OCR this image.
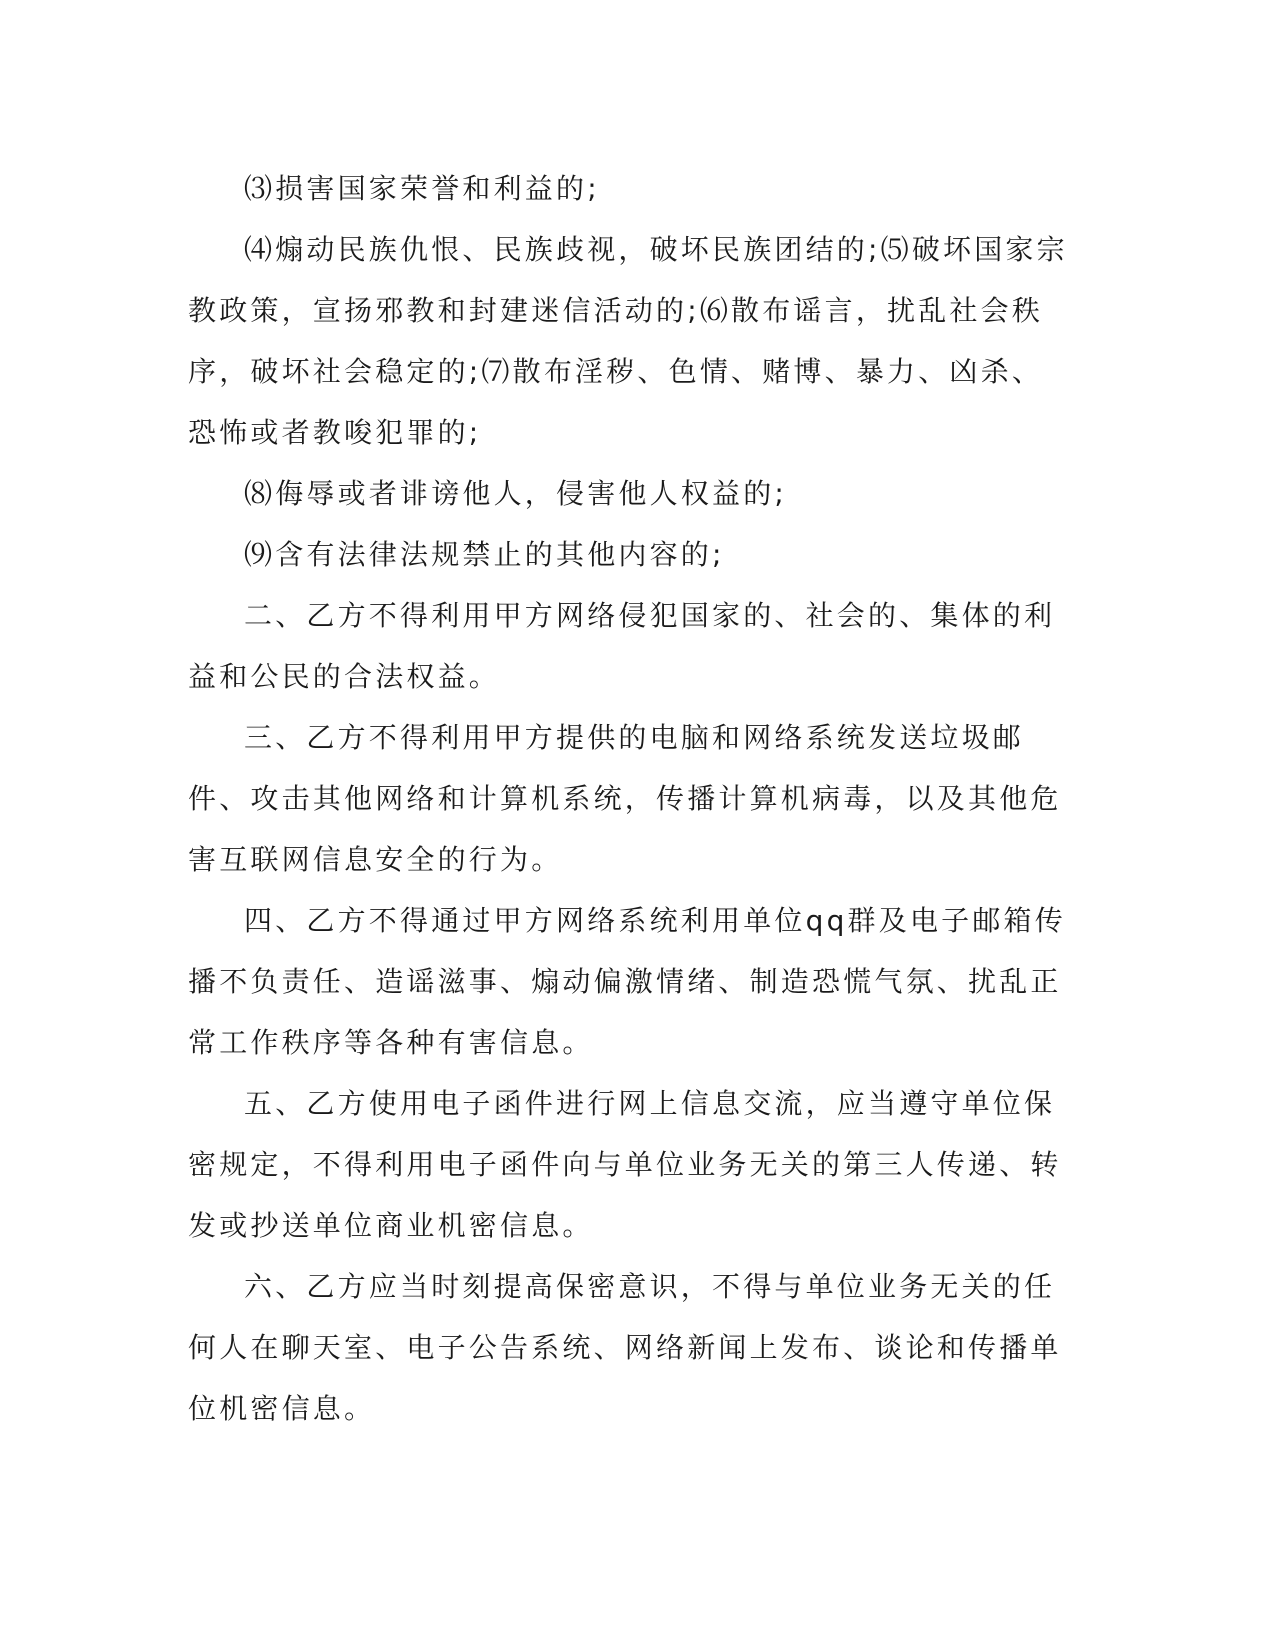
⑶损害国家荣誉和利益的;

⑷煽动民族仇恨、民族歧视，破坏民族团结的;⑸破坏国家宗教政策，宣扬邪教和封建迷信活动的;⑹散布谣言，扰乱社会秩序，破坏社会稳定的;⑺散布淫秽、色情、赌博、暴力、凶杀、恐怖或者教唆犯罪的;

⑻侮辱或者诽谤他人，侵害他人权益的;

⑼含有法律法规禁止的其他内容的;

二、乙方不得利用甲方网络侵犯国家的、社会的、集体的利益和公民的合法权益。

三、乙方不得利用甲方提供的电脑和网络系统发送垃圾邮件、攻击其他网络和计算机系统，传播计算机病毒，以及其他危害互联网信息安全的行为。

四、乙方不得通过甲方网络系统利用单位qq群及电子邮箱传播不负责任、造谣滋事、煽动偏激情绪、制造恐慌气氛、扰乱正常工作秩序等各种有害信息。

五、乙方使用电子函件进行网上信息交流，应当遵守单位保密规定，不得利用电子函件向与单位业务无关的第三人传递、转发或抄送单位商业机密信息。

六、乙方应当时刻提高保密意识，不得与单位业务无关的任何人在聊天室、电子公告系统、网络新闻上发布、谈论和传播单位机密信息。
